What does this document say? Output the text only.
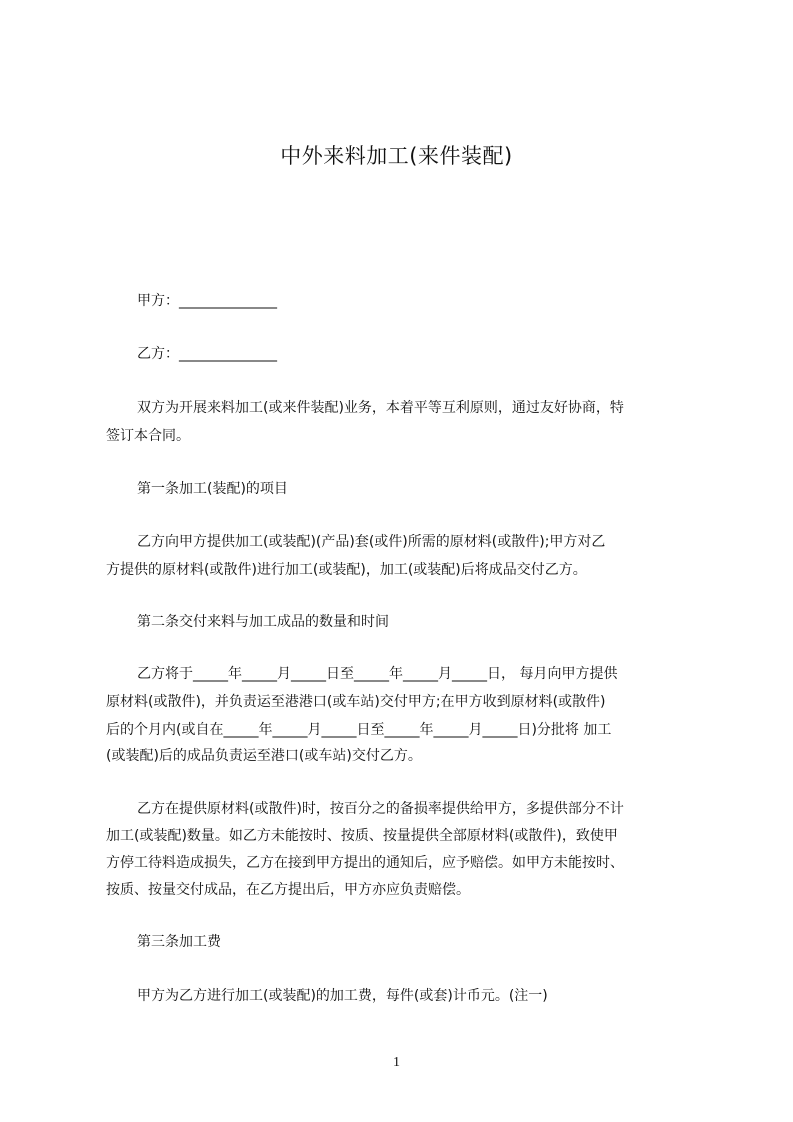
中外来料加工(来件装配)
甲方：______________
乙方：______________
双方为开展来料加工(或来件装配)业务，本着平等互利原则，通过友好协商，特
签订本合同。
第一条加工(装配)的项目
乙方向甲方提供加工(或装配)(产品)套(或件)所需的原材料(或散件);甲方对乙
方提供的原材料(或散件)进行加工(或装配)，加工(或装配)后将成品交付乙方。
第二条交付来料与加工成品的数量和时间
乙方将于_____年_____月_____日至_____年_____月_____日， 每月向甲方提供
原材料(或散件)，并负责运至港港口(或车站)交付甲方;在甲方收到原材料(或散件)
后的个月内(或自在_____年_____月_____日至_____年_____月_____日)分批将 加工
(或装配)后的成品负责运至港口(或车站)交付乙方。
乙方在提供原材料(或散件)时，按百分之的备损率提供给甲方，多提供部分不计
加工(或装配)数量。如乙方未能按时、按质、按量提供全部原材料(或散件)，致使甲
方停工待料造成损失，乙方在接到甲方提出的通知后，应予赔偿。如甲方未能按时、
按质、按量交付成品，在乙方提出后，甲方亦应负责赔偿。
第三条加工费
甲方为乙方进行加工(或装配)的加工费，每件(或套)计币元。(注一)
1
